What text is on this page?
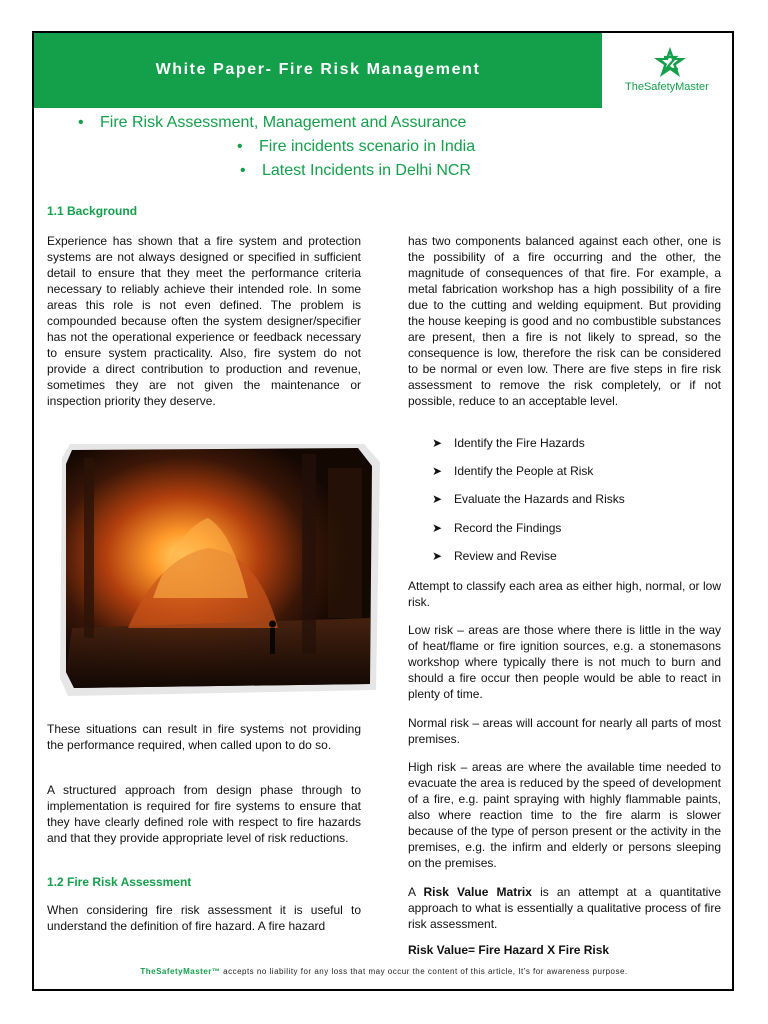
White Paper- Fire Risk Management
TheSafetyMaster
• Fire Risk Assessment, Management and Assurance
• Fire incidents scenario in India
• Latest Incidents in Delhi NCR
1.1 Background
Experience has shown that a fire system and protection systems are not always designed or specified in sufficient detail to ensure that they meet the performance criteria necessary to reliably achieve their intended role. In some areas this role is not even defined. The problem is compounded because often the system designer/specifier has not the operational experience or feedback necessary to ensure system practicality. Also, fire system do not provide a direct contribution to production and revenue, sometimes they are not given the maintenance or inspection priority they deserve.
These situations can result in fire systems not providing the performance required, when called upon to do so.
A structured approach from design phase through to implementation is required for fire systems to ensure that they have clearly defined role with respect to fire hazards and that they provide appropriate level of risk reductions.
1.2 Fire Risk Assessment
When considering fire risk assessment it is useful to understand the definition of fire hazard. A fire hazard
has two components balanced against each other, one is the possibility of a fire occurring and the other, the magnitude of consequences of that fire. For example, a metal fabrication workshop has a high possibility of a fire due to the cutting and welding equipment. But providing the house keeping is good and no combustible substances are present, then a fire is not likely to spread, so the consequence is low, therefore the risk can be considered to be normal or even low. There are five steps in fire risk assessment to remove the risk completely, or if not possible, reduce to an acceptable level.
➤ Identify the Fire Hazards
➤ Identify the People at Risk
➤ Evaluate the Hazards and Risks
➤ Record the Findings
➤ Review and Revise
Attempt to classify each area as either high, normal, or low risk.
Low risk – areas are those where there is little in the way of heat/flame or fire ignition sources, e.g. a stonemasons workshop where typically there is not much to burn and should a fire occur then people would be able to react in plenty of time.
Normal risk – areas will account for nearly all parts of most premises.
High risk – areas are where the available time needed to evacuate the area is reduced by the speed of development of a fire, e.g. paint spraying with highly flammable paints, also where reaction time to the fire alarm is slower because of the type of person present or the activity in the premises, e.g. the infirm and elderly or persons sleeping on the premises.
A Risk Value Matrix is an attempt at a quantitative approach to what is essentially a qualitative process of fire risk assessment.
Risk Value= Fire Hazard X Fire Risk
TheSafetyMaster™ accepts no liability for any loss that may occur the content of this article, It’s for awareness purpose.
